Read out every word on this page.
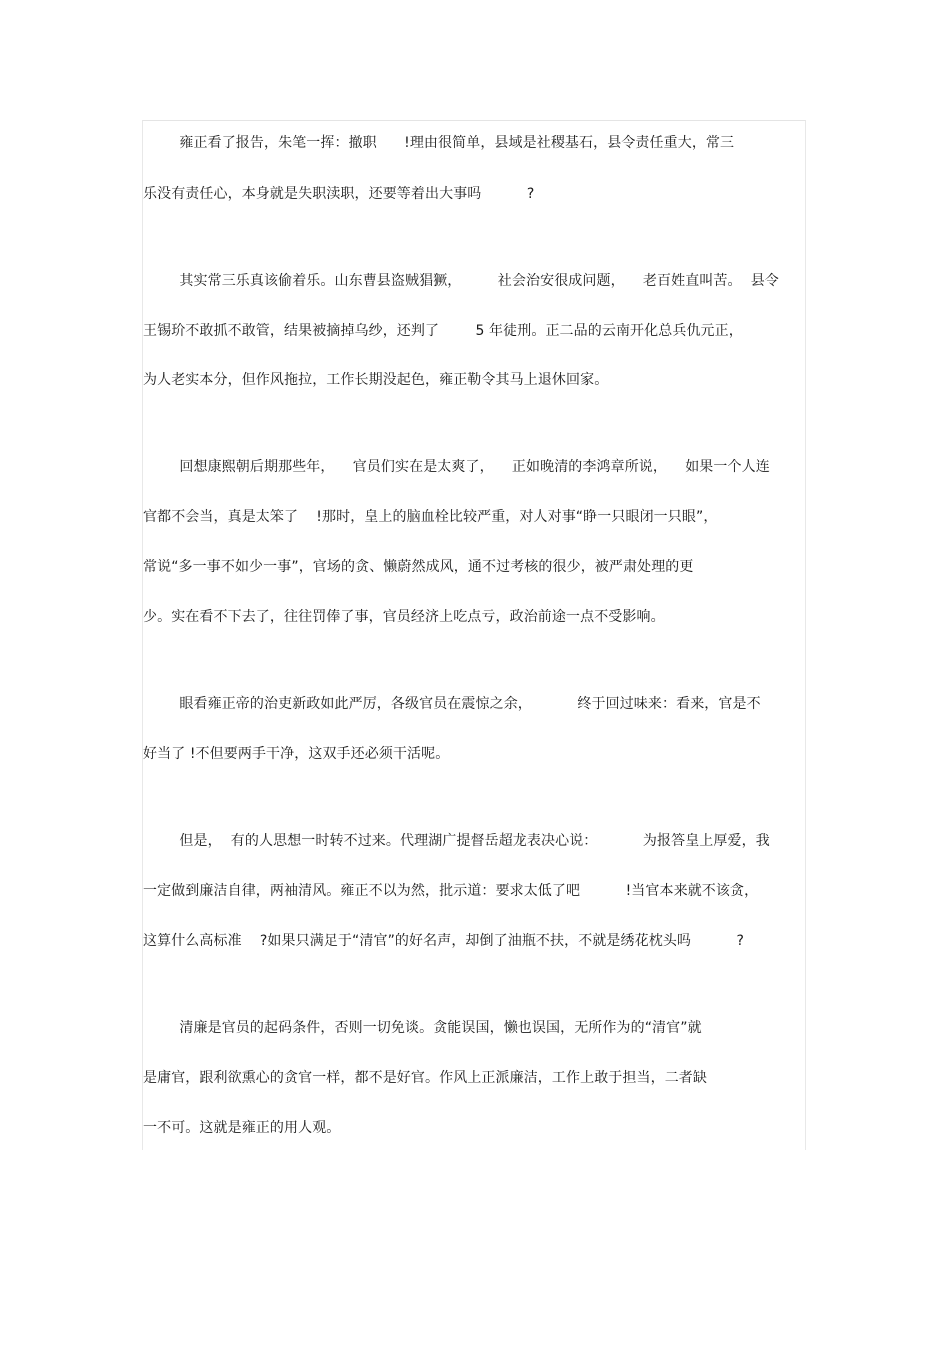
雍正看了报告，朱笔一挥：撤职      !理由很简单，县域是社稷基石，县令责任重大，常三
乐没有责任心，本身就是失职渎职，还要等着出大事吗          ?
其实常三乐真该偷着乐。山东曹县盗贼猖獗，        社会治安很成问题，    老百姓直叫苦。  县令
王锡玠不敢抓不敢管，结果被摘掉乌纱，还判了        5 年徒刑。正二品的云南开化总兵仇元正，
为人老实本分，但作风拖拉，工作长期没起色，雍正勒令其马上退休回家。
回想康熙朝后期那些年，    官员们实在是太爽了，    正如晚清的李鸿章所说，    如果一个人连
官都不会当，真是太笨了    !那时，皇上的脑血栓比较严重，对人对事“睁一只眼闭一只眼”，
常说“多一事不如少一事”，官场的贪、懒蔚然成风，通不过考核的很少，被严肃处理的更
少。实在看不下去了，往往罚俸了事，官员经济上吃点亏，政治前途一点不受影响。
眼看雍正帝的治吏新政如此严厉，各级官员在震惊之余，          终于回过味来：看来，官是不
好当了 !不但要两手干净，这双手还必须干活呢。
但是，  有的人思想一时转不过来。代理湖广提督岳超龙表决心说：          为报答皇上厚爱，我
一定做到廉洁自律，两袖清风。雍正不以为然，批示道：要求太低了吧          !当官本来就不该贪，
这算什么高标准    ?如果只满足于“清官”的好名声，却倒了油瓶不扶，不就是绣花枕头吗          ?
清廉是官员的起码条件，否则一切免谈。贪能误国，懒也误国，无所作为的“清官”就
是庸官，跟利欲熏心的贪官一样，都不是好官。作风上正派廉洁，工作上敢于担当，二者缺
一不可。这就是雍正的用人观。
